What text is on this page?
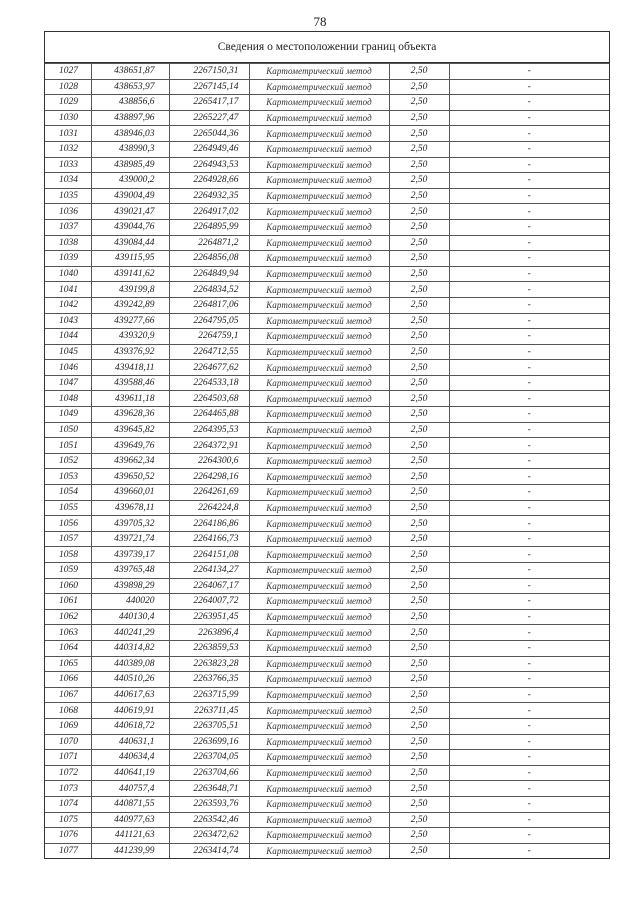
78
Сведения о местоположении границ объекта
1027	438651,87	2267150,31	Картометрический метод	2,50	-
1028	438653,97	2267145,14	Картометрический метод	2,50	-
1029	438856,6	2265417,17	Картометрический метод	2,50	-
1030	438897,96	2265227,47	Картометрический метод	2,50	-
1031	438946,03	2265044,36	Картометрический метод	2,50	-
1032	438990,3	2264949,46	Картометрический метод	2,50	-
1033	438985,49	2264943,53	Картометрический метод	2,50	-
1034	439000,2	2264928,66	Картометрический метод	2,50	-
1035	439004,49	2264932,35	Картометрический метод	2,50	-
1036	439021,47	2264917,02	Картометрический метод	2,50	-
1037	439044,76	2264895,99	Картометрический метод	2,50	-
1038	439084,44	2264871,2	Картометрический метод	2,50	-
1039	439115,95	2264856,08	Картометрический метод	2,50	-
1040	439141,62	2264849,94	Картометрический метод	2,50	-
1041	439199,8	2264834,52	Картометрический метод	2,50	-
1042	439242,89	2264817,06	Картометрический метод	2,50	-
1043	439277,66	2264795,05	Картометрический метод	2,50	-
1044	439320,9	2264759,1	Картометрический метод	2,50	-
1045	439376,92	2264712,55	Картометрический метод	2,50	-
1046	439418,11	2264677,62	Картометрический метод	2,50	-
1047	439588,46	2264533,18	Картометрический метод	2,50	-
1048	439611,18	2264503,68	Картометрический метод	2,50	-
1049	439628,36	2264465,88	Картометрический метод	2,50	-
1050	439645,82	2264395,53	Картометрический метод	2,50	-
1051	439649,76	2264372,91	Картометрический метод	2,50	-
1052	439662,34	2264300,6	Картометрический метод	2,50	-
1053	439650,52	2264298,16	Картометрический метод	2,50	-
1054	439660,01	2264261,69	Картометрический метод	2,50	-
1055	439678,11	2264224,8	Картометрический метод	2,50	-
1056	439705,32	2264186,86	Картометрический метод	2,50	-
1057	439721,74	2264166,73	Картометрический метод	2,50	-
1058	439739,17	2264151,08	Картометрический метод	2,50	-
1059	439765,48	2264134,27	Картометрический метод	2,50	-
1060	439898,29	2264067,17	Картометрический метод	2,50	-
1061	440020	2264007,72	Картометрический метод	2,50	-
1062	440130,4	2263951,45	Картометрический метод	2,50	-
1063	440241,29	2263896,4	Картометрический метод	2,50	-
1064	440314,82	2263859,53	Картометрический метод	2,50	-
1065	440389,08	2263823,28	Картометрический метод	2,50	-
1066	440510,26	2263766,35	Картометрический метод	2,50	-
1067	440617,63	2263715,99	Картометрический метод	2,50	-
1068	440619,91	2263711,45	Картометрический метод	2,50	-
1069	440618,72	2263705,51	Картометрический метод	2,50	-
1070	440631,1	2263699,16	Картометрический метод	2,50	-
1071	440634,4	2263704,05	Картометрический метод	2,50	-
1072	440641,19	2263704,66	Картометрический метод	2,50	-
1073	440757,4	2263648,71	Картометрический метод	2,50	-
1074	440871,55	2263593,76	Картометрический метод	2,50	-
1075	440977,63	2263542,46	Картометрический метод	2,50	-
1076	441121,63	2263472,62	Картометрический метод	2,50	-
1077	441239,99	2263414,74	Картометрический метод	2,50	-
